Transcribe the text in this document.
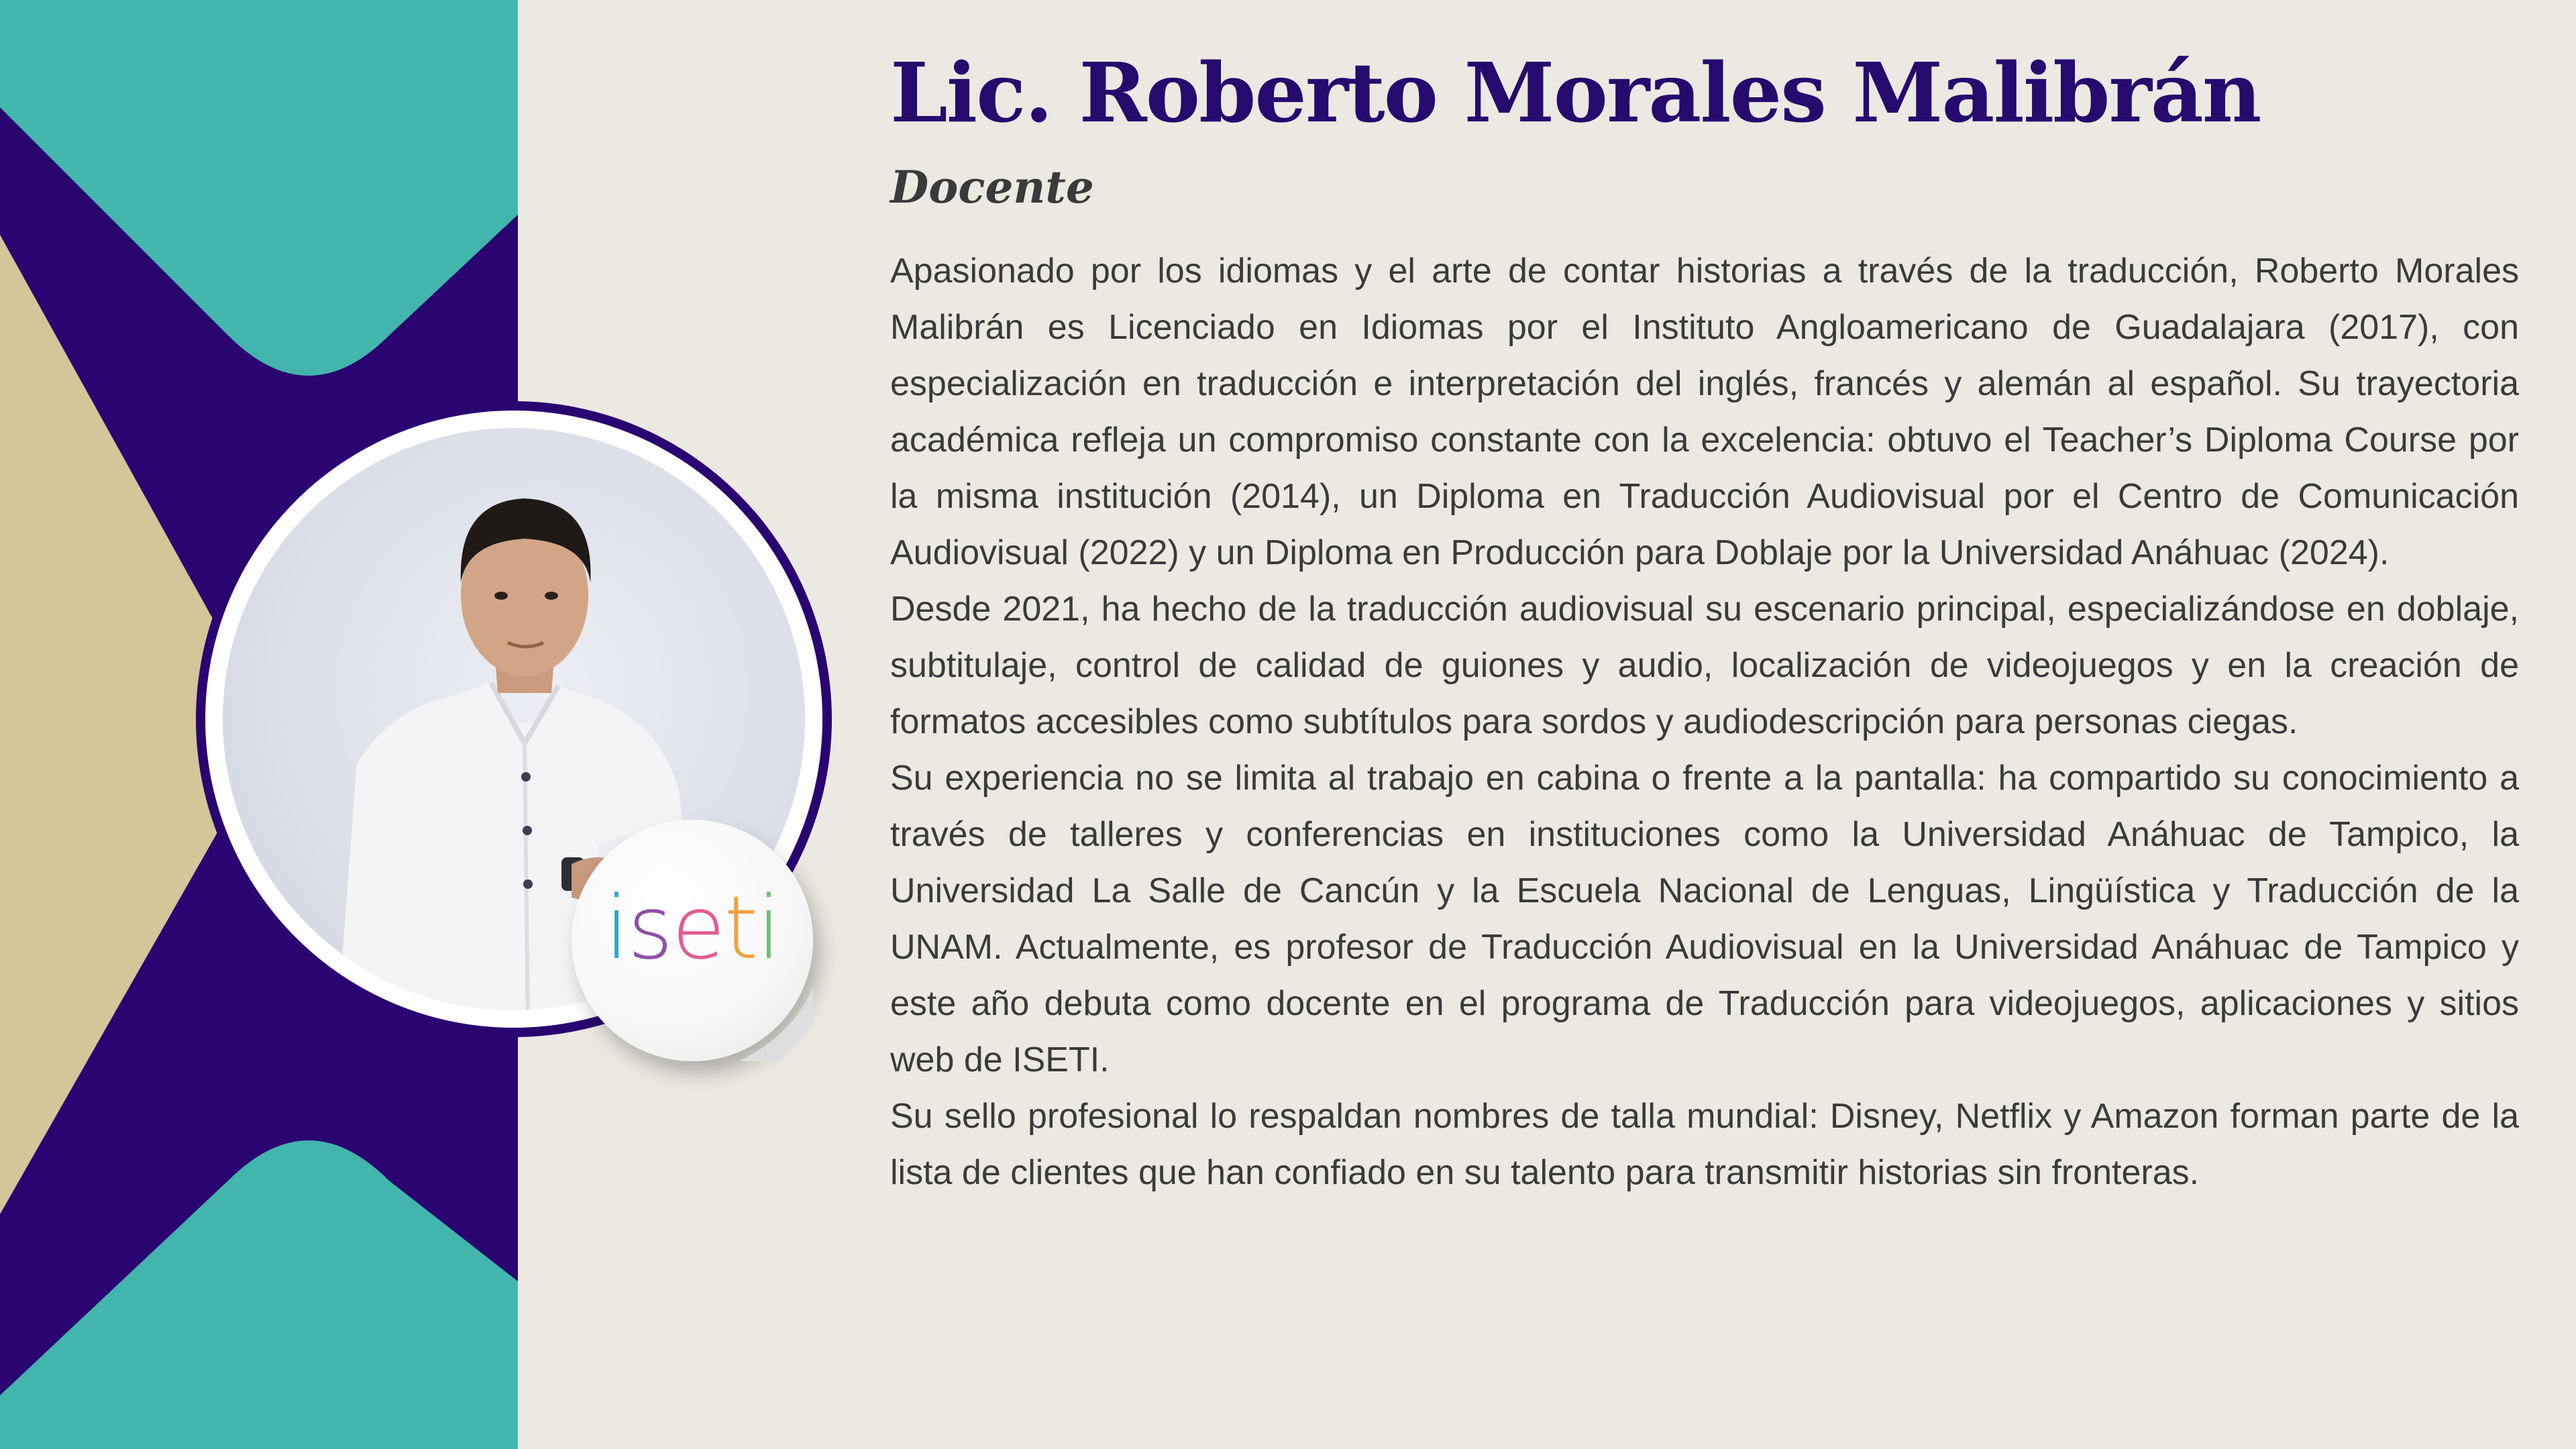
iseti
Lic. Roberto Morales Malibrán
Docente

Apasionado por los idiomas y el arte de contar historias a través de la traducción, Roberto Morales Malibrán es Licenciado en Idiomas por el Instituto Angloamericano de Guadalajara (2017), con especialización en traducción e interpretación del inglés, francés y alemán al español. Su trayectoria académica refleja un compromiso constante con la excelencia: obtuvo el Teacher’s Diploma Course por la misma institución (2014), un Diploma en Traducción Audiovisual por el Centro de Comunicación Audiovisual (2022) y un Diploma en Producción para Doblaje por la Universidad Anáhuac (2024).

Desde 2021, ha hecho de la traducción audiovisual su escenario principal, especializándose en doblaje, subtitulaje, control de calidad de guiones y audio, localización de videojuegos y en la creación de formatos accesibles como subtítulos para sordos y audiodescripción para personas ciegas.

Su experiencia no se limita al trabajo en cabina o frente a la pantalla: ha compartido su conocimiento a través de talleres y conferencias en instituciones como la Universidad Anáhuac de Tampico, la Universidad La Salle de Cancún y la Escuela Nacional de Lenguas, Lingüística y Traducción de la UNAM. Actualmente, es profesor de Traducción Audiovisual en la Universidad Anáhuac de Tampico y este año debuta como docente en el programa de Traducción para videojuegos, aplicaciones y sitios web de ISETI.

Su sello profesional lo respaldan nombres de talla mundial: Disney, Netflix y Amazon forman parte de la lista de clientes que han confiado en su talento para transmitir historias sin fronteras.
